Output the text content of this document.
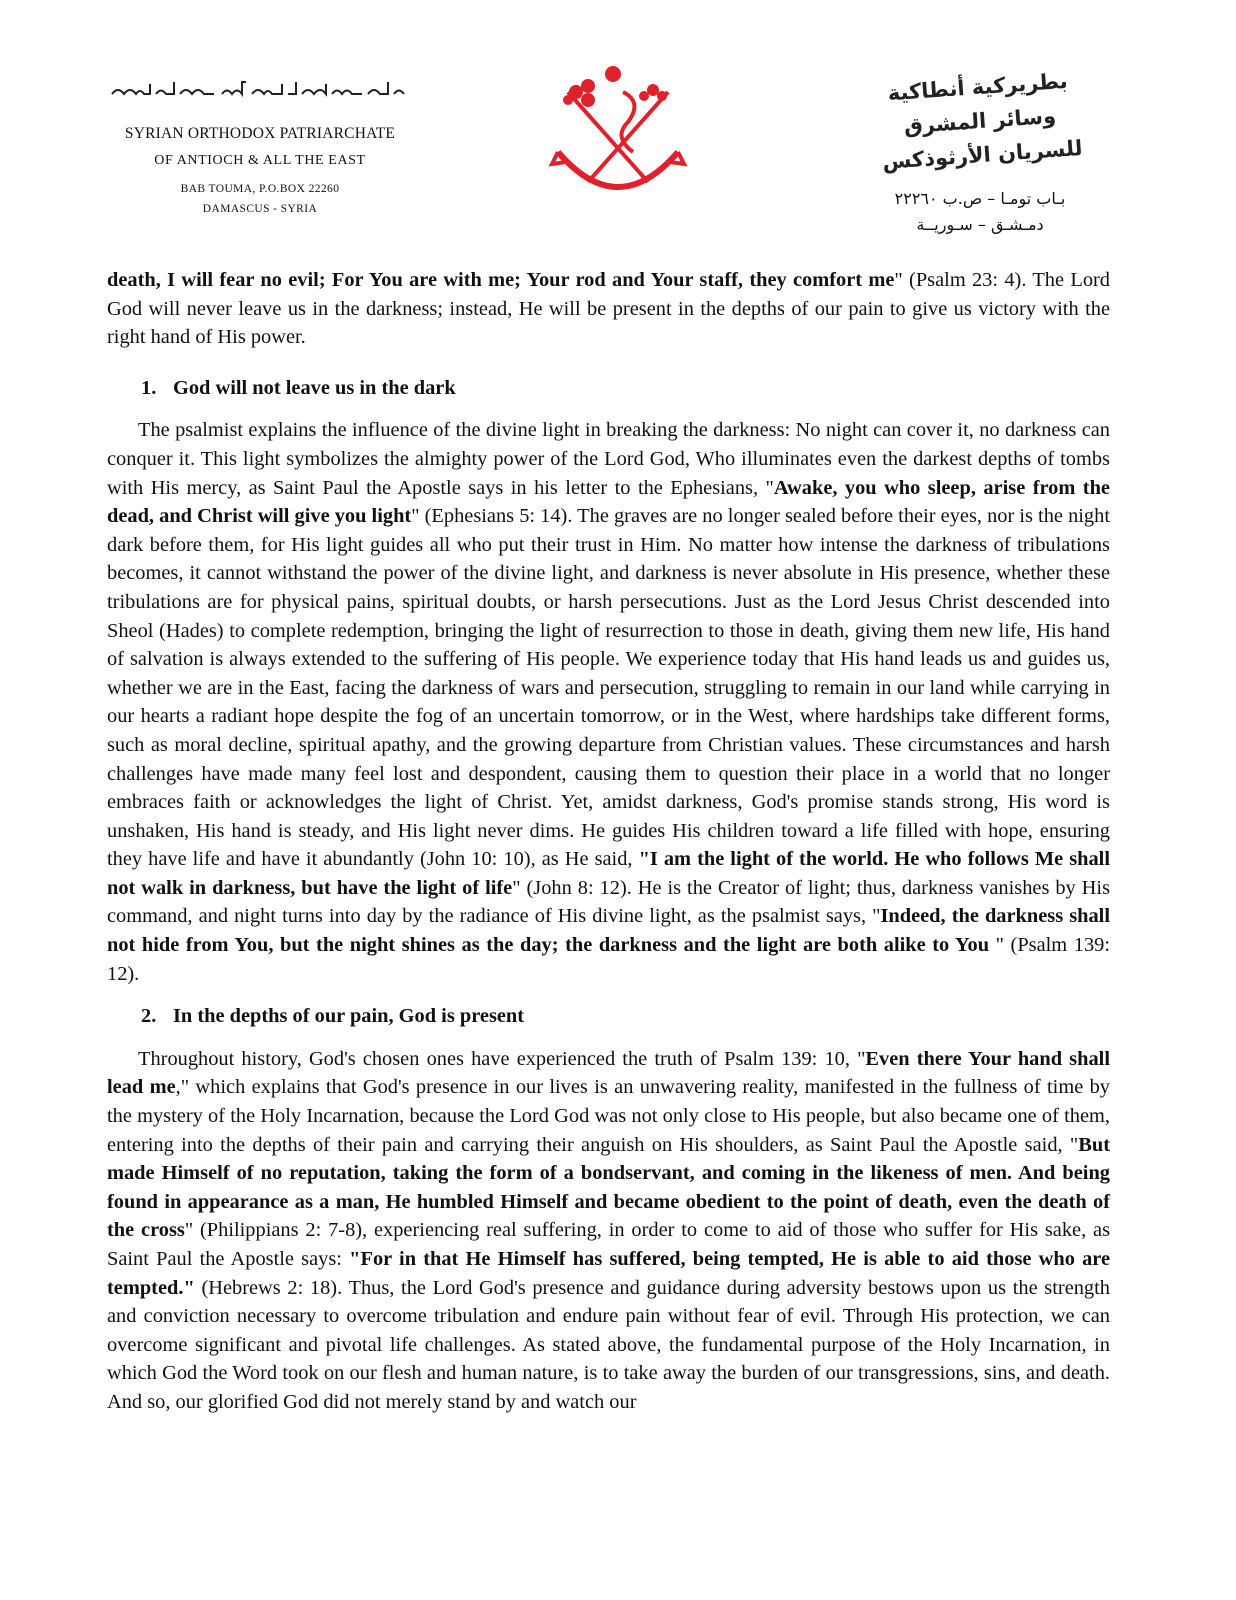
SYRIAN ORTHODOX PATRIARCHATE
OF ANTIOCH & ALL THE EAST
BAB TOUMA, P.O.BOX 22260
DAMASCUS - SYRIA
بطريركية أنطاكية وسائر المشرق للسريان الأرثوذكس
بـاب تومـا – ص.ب ٢٢٢٦٠
دمـشـق – سـوريــة

death, I will fear no evil; For You are with me; Your rod and Your staff, they comfort me" (Psalm 23: 4). The Lord God will never leave us in the darkness; instead, He will be present in the depths of our pain to give us victory with the right hand of His power.

1. God will not leave us in the dark

The psalmist explains the influence of the divine light in breaking the darkness: No night can cover it, no darkness can conquer it. This light symbolizes the almighty power of the Lord God, Who illuminates even the darkest depths of tombs with His mercy, as Saint Paul the Apostle says in his letter to the Ephesians, "Awake, you who sleep, arise from the dead, and Christ will give you light" (Ephesians 5: 14). The graves are no longer sealed before their eyes, nor is the night dark before them, for His light guides all who put their trust in Him. No matter how intense the darkness of tribulations becomes, it cannot withstand the power of the divine light, and darkness is never absolute in His presence, whether these tribulations are for physical pains, spiritual doubts, or harsh persecutions. Just as the Lord Jesus Christ descended into Sheol (Hades) to complete redemption, bringing the light of resurrection to those in death, giving them new life, His hand of salvation is always extended to the suffering of His people. We experience today that His hand leads us and guides us, whether we are in the East, facing the darkness of wars and persecution, struggling to remain in our land while carrying in our hearts a radiant hope despite the fog of an uncertain tomorrow, or in the West, where hardships take different forms, such as moral decline, spiritual apathy, and the growing departure from Christian values. These circumstances and harsh challenges have made many feel lost and despondent, causing them to question their place in a world that no longer embraces faith or acknowledges the light of Christ. Yet, amidst darkness, God's promise stands strong, His word is unshaken, His hand is steady, and His light never dims. He guides His children toward a life filled with hope, ensuring they have life and have it abundantly (John 10: 10), as He said, "I am the light of the world. He who follows Me shall not walk in darkness, but have the light of life" (John 8: 12). He is the Creator of light; thus, darkness vanishes by His command, and night turns into day by the radiance of His divine light, as the psalmist says, "Indeed, the darkness shall not hide from You, but the night shines as the day; the darkness and the light are both alike to You " (Psalm 139: 12).

2. In the depths of our pain, God is present

Throughout history, God's chosen ones have experienced the truth of Psalm 139: 10, "Even there Your hand shall lead me," which explains that God's presence in our lives is an unwavering reality, manifested in the fullness of time by the mystery of the Holy Incarnation, because the Lord God was not only close to His people, but also became one of them, entering into the depths of their pain and carrying their anguish on His shoulders, as Saint Paul the Apostle said, "But made Himself of no reputation, taking the form of a bondservant, and coming in the likeness of men. And being found in appearance as a man, He humbled Himself and became obedient to the point of death, even the death of the cross" (Philippians 2: 7-8), experiencing real suffering, in order to come to aid of those who suffer for His sake, as Saint Paul the Apostle says: "For in that He Himself has suffered, being tempted, He is able to aid those who are tempted." (Hebrews 2: 18). Thus, the Lord God's presence and guidance during adversity bestows upon us the strength and conviction necessary to overcome tribulation and endure pain without fear of evil. Through His protection, we can overcome significant and pivotal life challenges. As stated above, the fundamental purpose of the Holy Incarnation, in which God the Word took on our flesh and human nature, is to take away the burden of our transgressions, sins, and death. And so, our glorified God did not merely stand by and watch our
